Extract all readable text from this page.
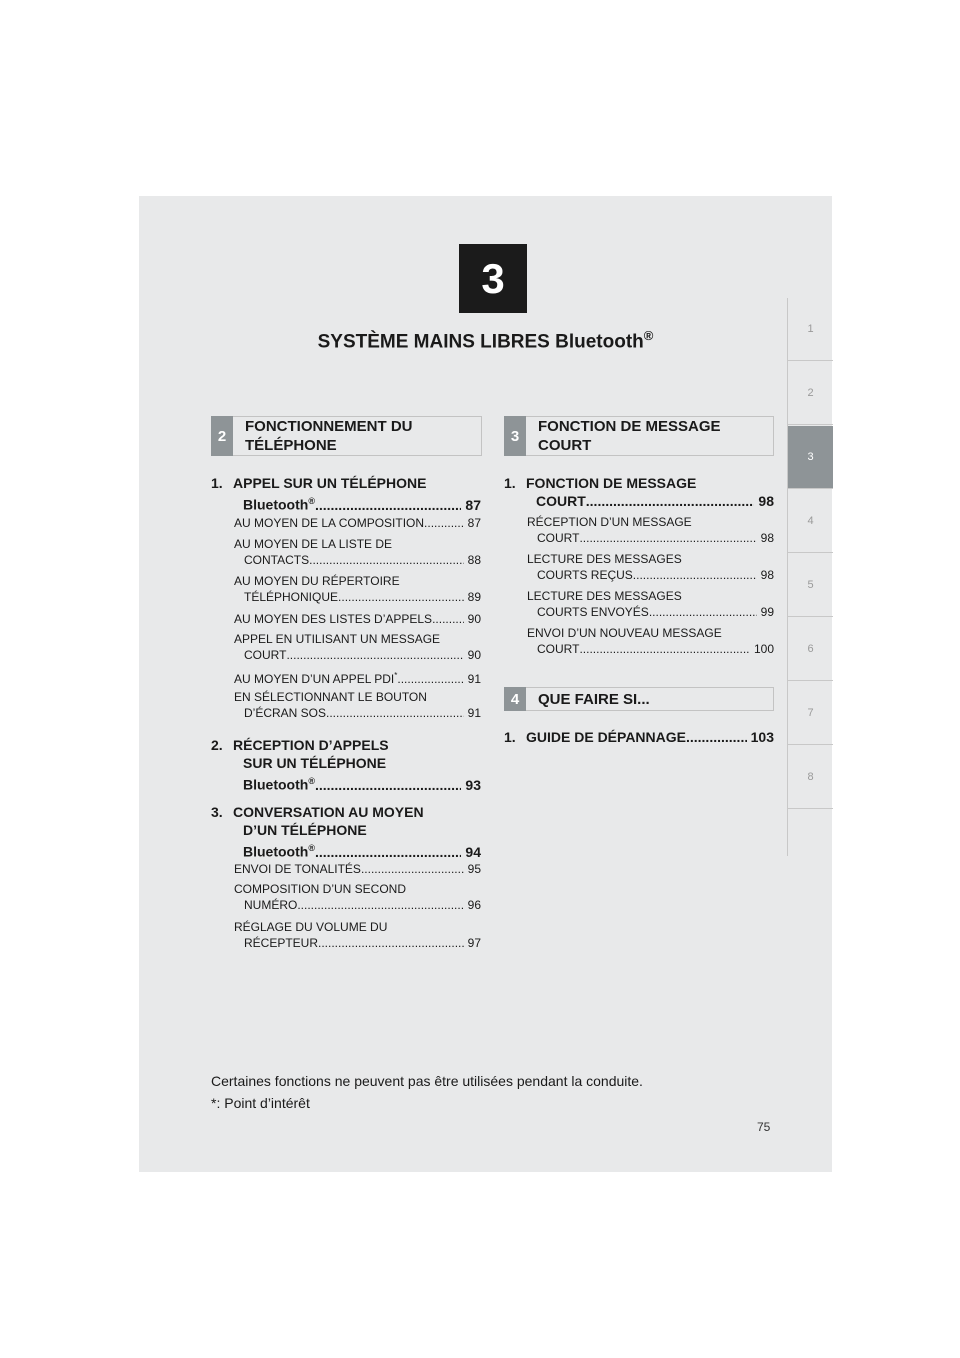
3
SYSTÈME MAINS LIBRES Bluetooth®	1
2
3
4
5
6
7
8
2
FONCTIONNEMENT DU
TÉLÉPHONE
3
FONCTION DE MESSAGE
COURT
1. APPEL SUR UN TÉLÉPHONE
Bluetooth® .....	87
AU MOYEN DE LA COMPOSITION .....	87
AU MOYEN DE LA LISTE DE
CONTACTS .....	88
AU MOYEN DU RÉPERTOIRE
TÉLÉPHONIQUE .....	89
AU MOYEN DES LISTES D’APPELS .....	90
APPEL EN UTILISANT UN MESSAGE
COURT .....	90
AU MOYEN D’UN APPEL PDI* .....	91
EN SÉLECTIONNANT LE BOUTON
D’ÉCRAN SOS .....	91
2. RÉCEPTION D’APPELS
SUR UN TÉLÉPHONE
Bluetooth® .....	93
3. CONVERSATION AU MOYEN
D’UN TÉLÉPHONE
Bluetooth® .....	94
ENVOI DE TONALITÉS .....	95
COMPOSITION D’UN SECOND
NUMÉRO .....	96
RÉGLAGE DU VOLUME DU
RÉCEPTEUR .....	97
1. FONCTION DE MESSAGE
COURT .....	98
RÉCEPTION D’UN MESSAGE
COURT .....	98
LECTURE DES MESSAGES
COURTS REÇUS .....	98
LECTURE DES MESSAGES
COURTS ENVOYÉS .....	99
ENVOI D’UN NOUVEAU MESSAGE
COURT .....	100
4	QUE FAIRE SI...
1. GUIDE DE DÉPANNAGE .....	103
Certaines fonctions ne peuvent pas être utilisées pendant la conduite.
*: Point d’intérêt
75
